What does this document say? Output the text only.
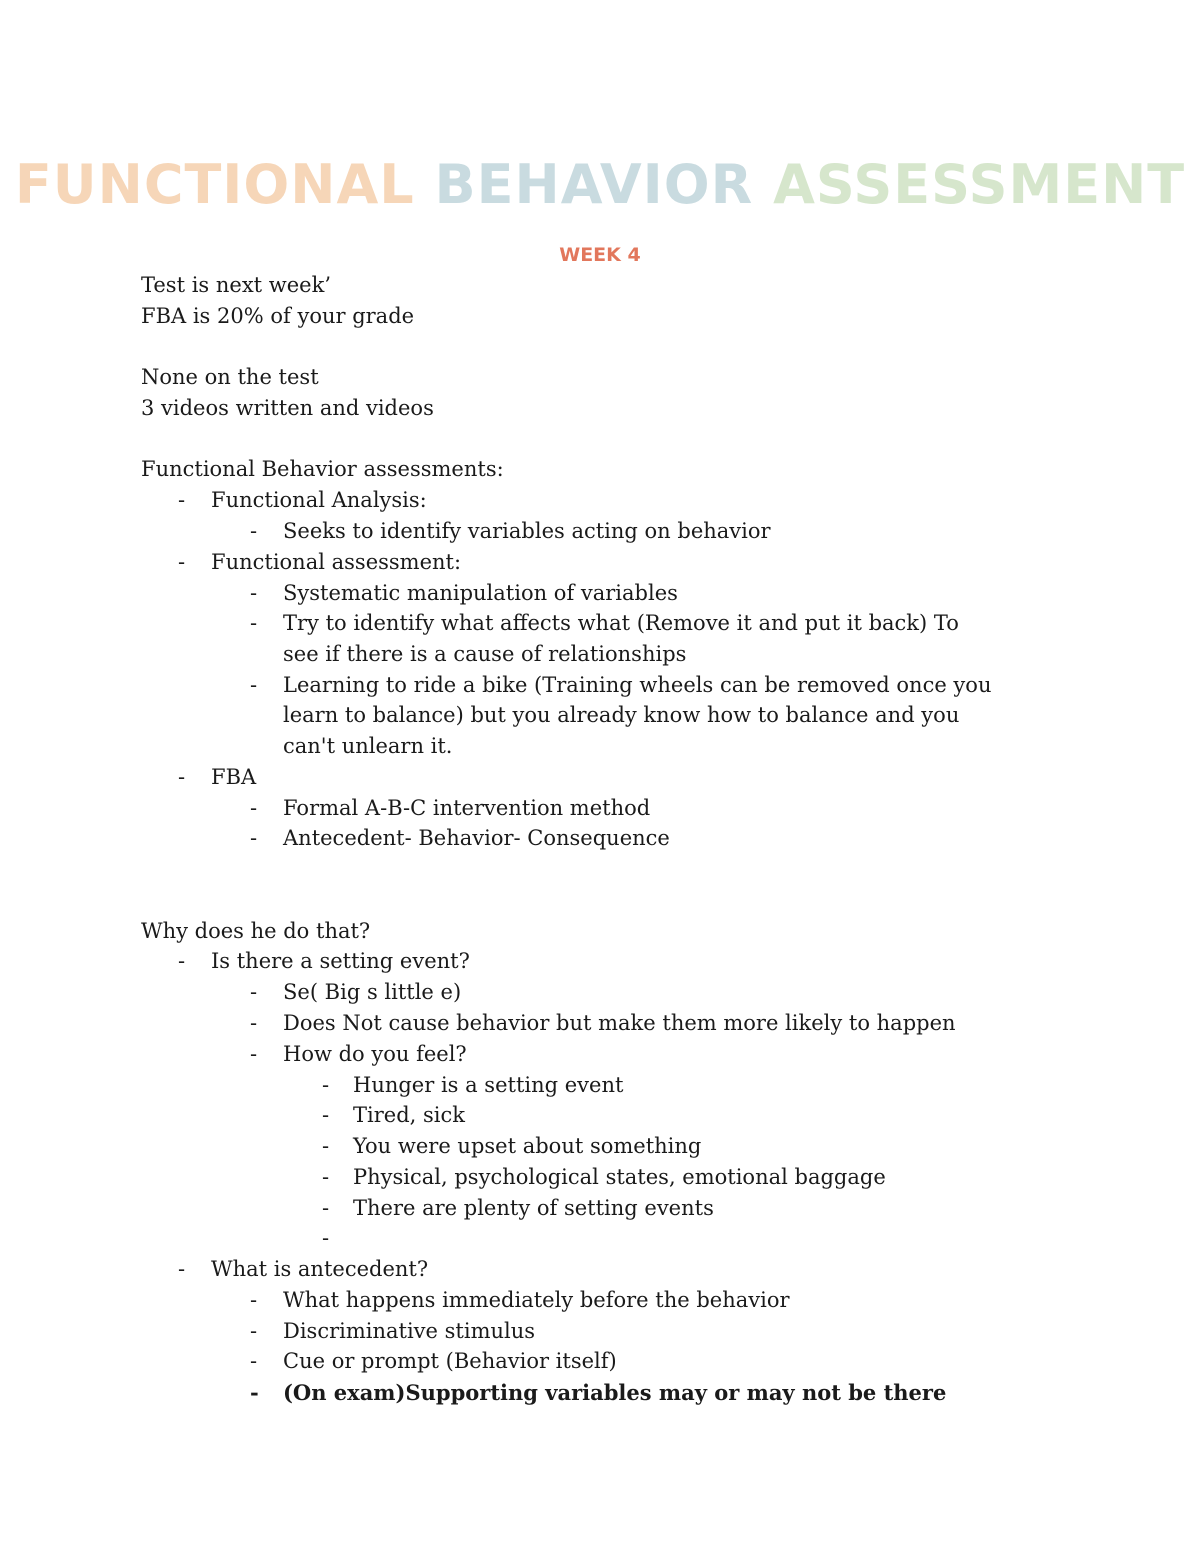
FUNCTIONAL BEHAVIOR ASSESSMENT
WEEK 4
Test is next week’
FBA is 20% of your grade
None on the test
3 videos written and videos
Functional Behavior assessments:
- Functional Analysis:
- Seeks to identify variables acting on behavior
- Functional assessment:
- Systematic manipulation of variables
- Try to identify what affects what (Remove it and put it back) To
see if there is a cause of relationships
- Learning to ride a bike (Training wheels can be removed once you
learn to balance) but you already know how to balance and you
can't unlearn it.
- FBA
- Formal A-B-C intervention method
- Antecedent- Behavior- Consequence
Why does he do that?
- Is there a setting event?
- Se( Big s little e)
- Does Not cause behavior but make them more likely to happen
- How do you feel?
- Hunger is a setting event
- Tired, sick
- You were upset about something
- Physical, psychological states, emotional baggage
- There are plenty of setting events
-
- What is antecedent?
- What happens immediately before the behavior
- Discriminative stimulus
- Cue or prompt (Behavior itself)
- (On exam)Supporting variables may or may not be there
